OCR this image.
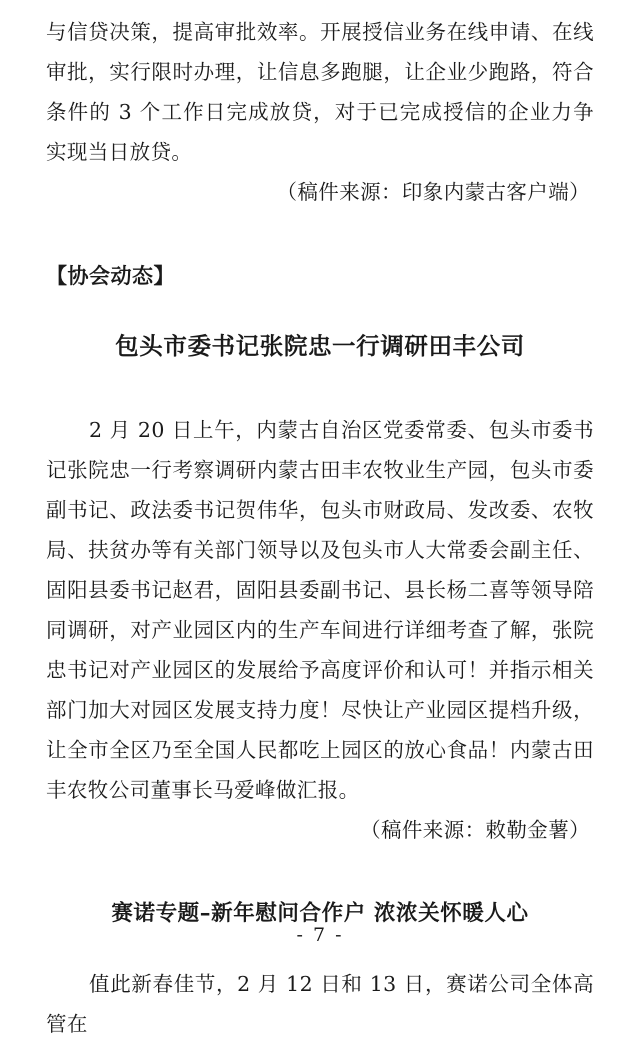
与信贷决策，提高审批效率。开展授信业务在线申请、在线审批，实行限时办理，让信息多跑腿，让企业少跑路，符合条件的 3 个工作日完成放贷，对于已完成授信的企业力争实现当日放贷。

（稿件来源：印象内蒙古客户端）

【协会动态】

包头市委书记张院忠一行调研田丰公司

2 月 20 日上午，内蒙古自治区党委常委、包头市委书记张院忠一行考察调研内蒙古田丰农牧业生产园，包头市委副书记、政法委书记贺伟华，包头市财政局、发改委、农牧局、扶贫办等有关部门领导以及包头市人大常委会副主任、固阳县委书记赵君，固阳县委副书记、县长杨二喜等领导陪同调研，对产业园区内的生产车间进行详细考查了解，张院忠书记对产业园区的发展给予高度评价和认可！并指示相关部门加大对园区发展支持力度！尽快让产业园区提档升级，让全市全区乃至全国人民都吃上园区的放心食品！内蒙古田丰农牧公司董事长马爱峰做汇报。

（稿件来源：敕勒金薯）

赛诺专题–新年慰问合作户 浓浓关怀暖人心

值此新春佳节，2 月 12 日和 13 日，赛诺公司全体高管在

- 7 -
